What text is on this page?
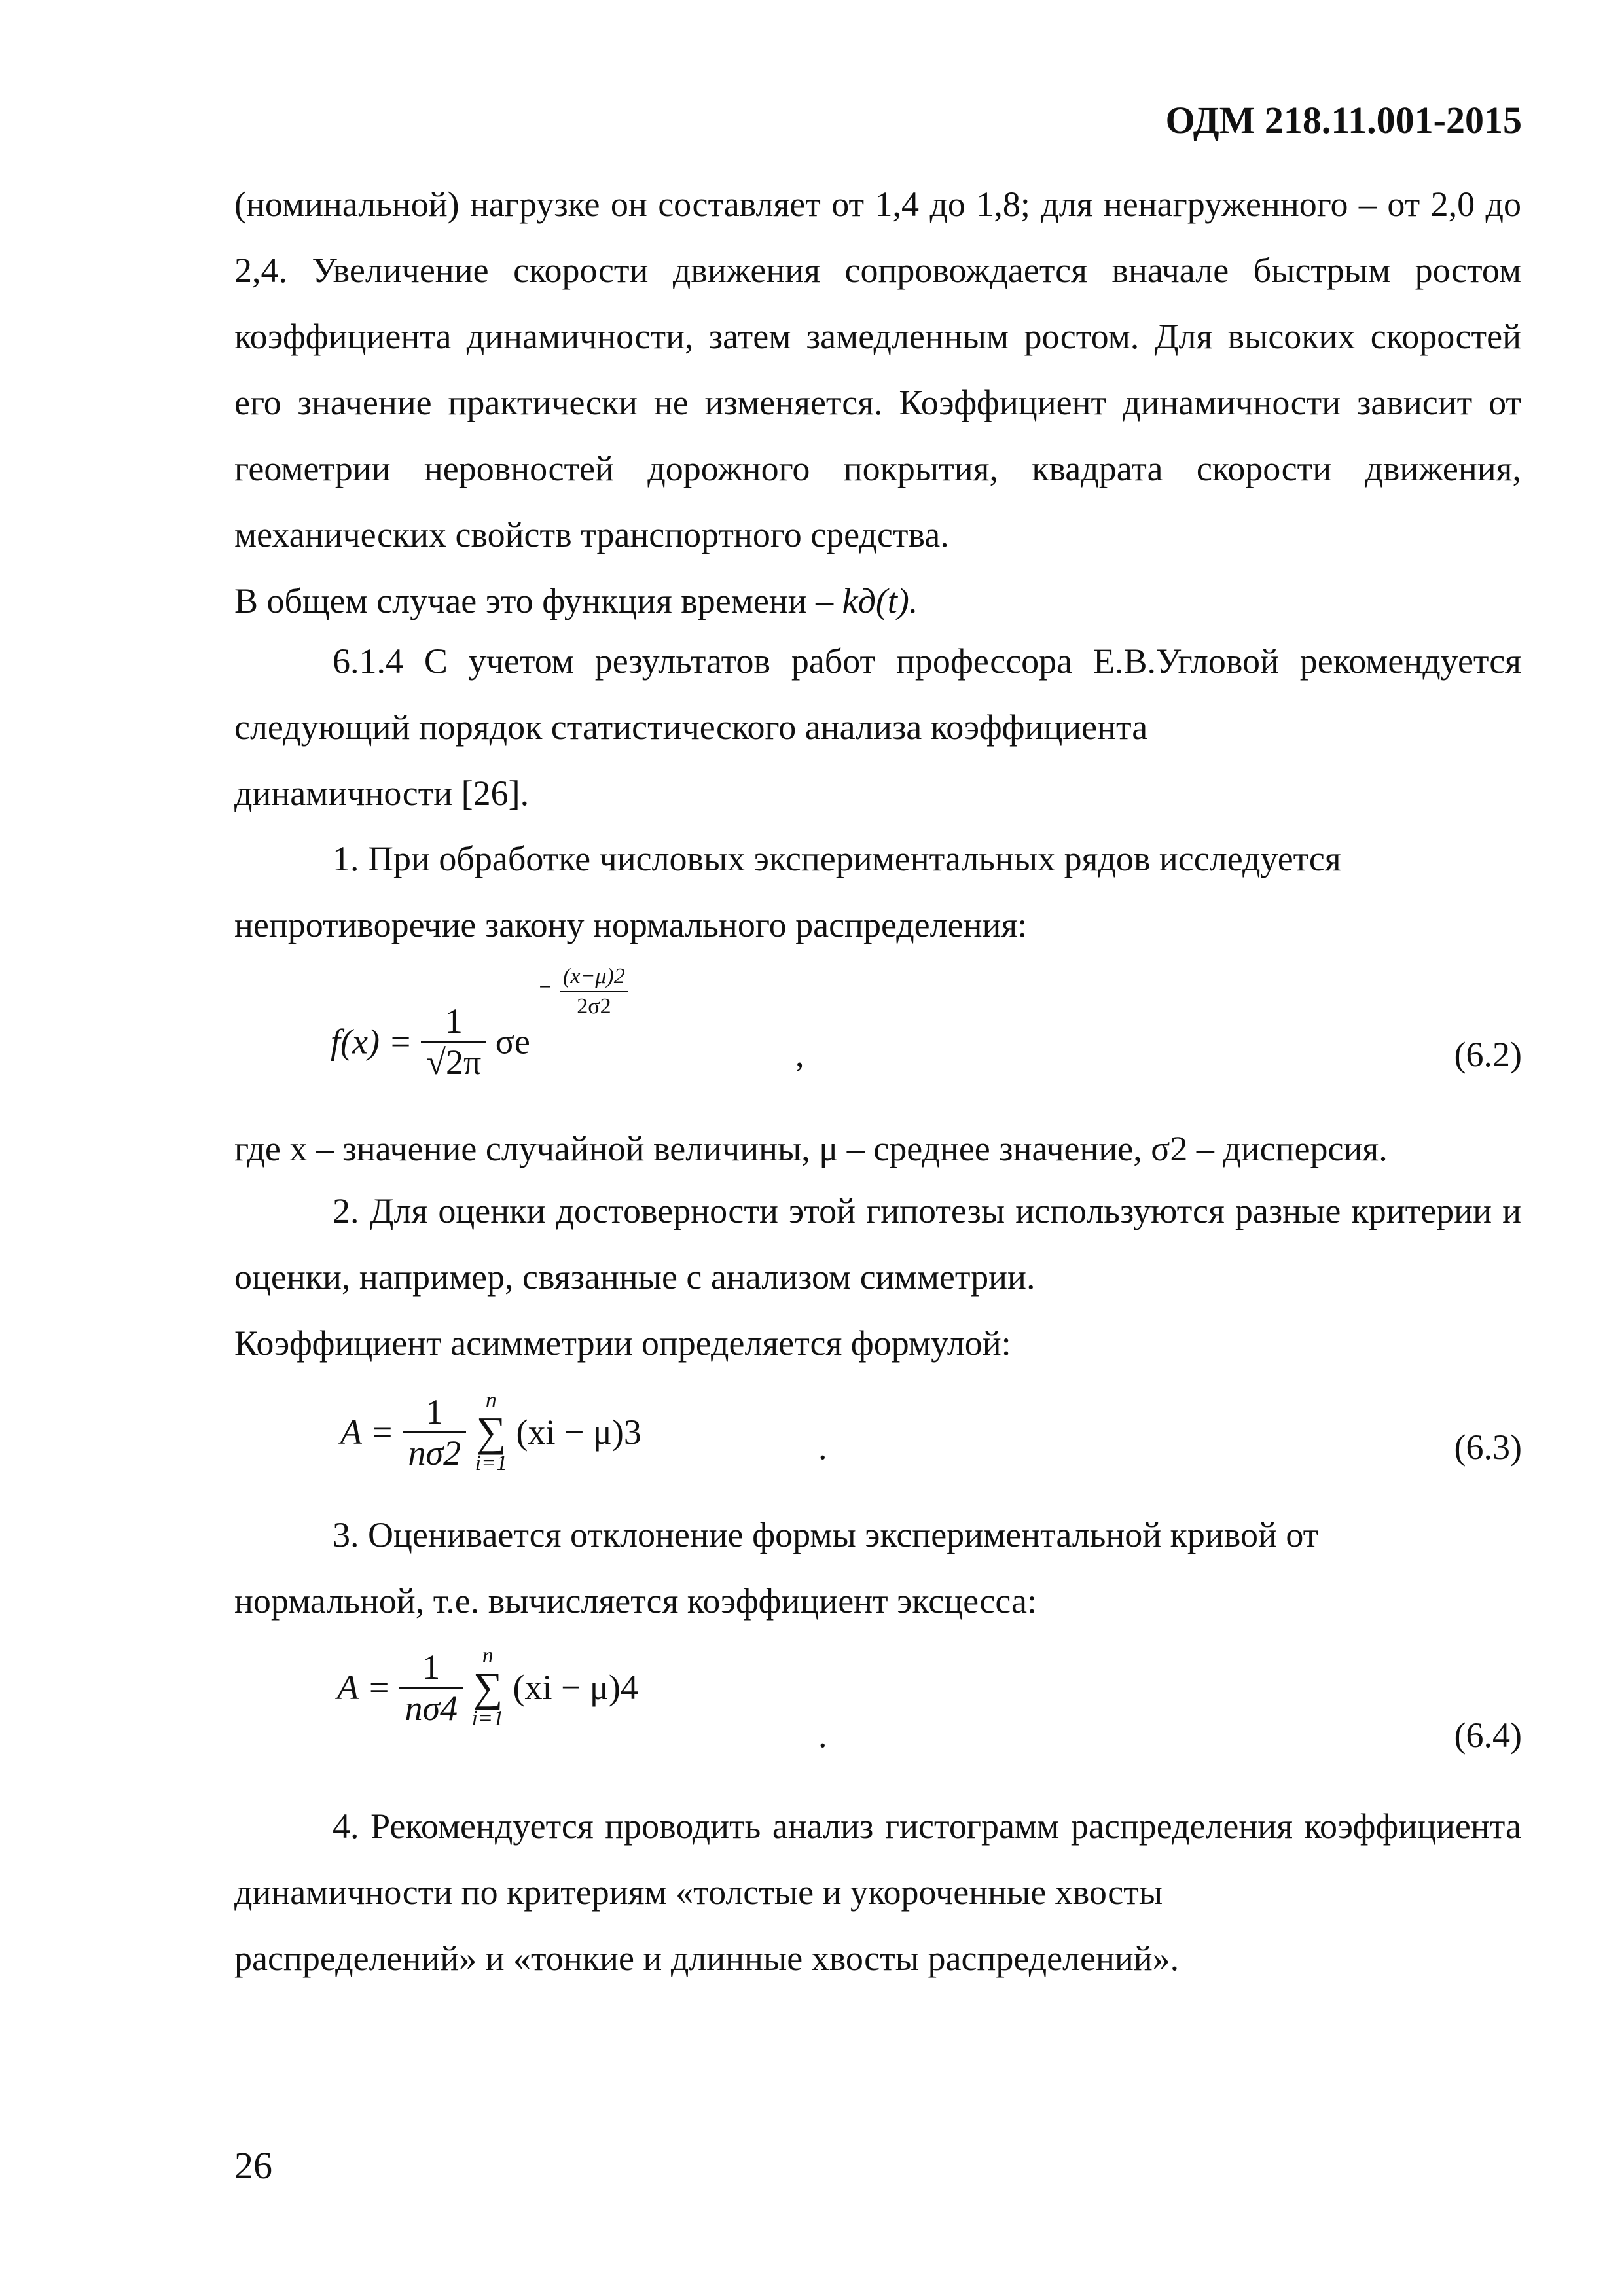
ОДМ 218.11.001-2015

(номинальной) нагрузке он составляет от 1,4 до 1,8; для ненагруженного – от 2,0 до 2,4. Увеличение скорости движения сопровождается вначале быстрым ростом коэффициента динамичности, затем замедленным ростом. Для высоких скоростей его значение практически не изменяется. Коэффициент динамичности зависит от геометрии неровностей дорожного покрытия, квадрата скорости движения, механических свойств транспортного средства.

В общем случае это функция времени – kд(t).

6.1.4 С учетом результатов работ профессора Е.В.Угловой рекомендуется следующий порядок статистического анализа коэффициента

динамичности [26].

1. При обработке числовых экспериментальных рядов исследуется

непротиворечие закону нормального распределения:

$f(x) = \frac{1}{√2\pi}$ $\sigma e - \frac{(x-\mu)2}{2\sigma 2}$
,	(6.2)

где x – значение случайной величины, μ – среднее значение, σ2 – дисперсия.

2. Для оценки достоверности этой гипотезы используются разные критерии и оценки, например, связанные с анализом симметрии.

Коэффициент асимметрии определяется формулой:

$A = \frac{1}{n\sigma 2}$
n
∑
i=1
(xi − μ)3	.	(6.3)

3. Оценивается отклонение формы экспериментальной кривой от

нормальной, т.е. вычисляется коэффициент эксцесса:

$A = \frac{1}{n\sigma 4}$
n
∑
i=1
(xi − μ)4
.	(6.4)

4. Рекомендуется проводить анализ гистограмм распределения коэффициента динамичности по критериям «толстые и укороченные хвосты

распределений» и «тонкие и длинные хвосты распределений».

26
